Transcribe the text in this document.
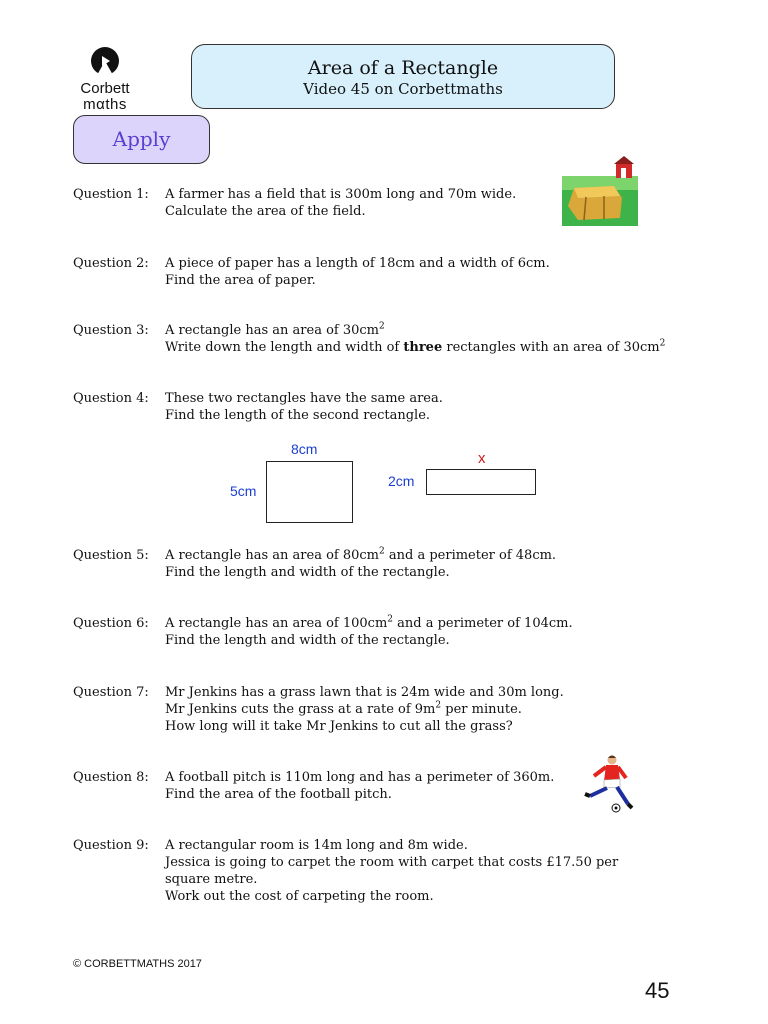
Corbett
mαths
Area of a Rectangle
Video 45 on Corbettmaths
Apply
Question 1:	A farmer has a field that is 300m long and 70m wide.
Calculate the area of the field.
Question 2:	A piece of paper has a length of 18cm and a width of 6cm.
Find the area of paper.
Question 3:	A rectangle has an area of $30cm^2$
Write down the length and width of three rectangles with an area of $30cm^2$
Question 4:	These two rectangles have the same area.
Find the length of the second rectangle.
8cm
5cm
2cm
x
Question 5:	A rectangle has an area of $80cm^2$ and a perimeter of 48cm.
Find the length and width of the rectangle.
Question 6:	A rectangle has an area of $100cm^2$ and a perimeter of 104cm.
Find the length and width of the rectangle.
Question 7:	Mr Jenkins has a grass lawn that is 24m wide and 30m long.
Mr Jenkins cuts the grass at a rate of $9m^2$ per minute.
How long will it take Mr Jenkins to cut all the grass?
Question 8:	A football pitch is 110m long and has a perimeter of 360m.
Find the area of the football pitch.
Question 9:	A rectangular room is 14m long and 8m wide.
Jessica is going to carpet the room with carpet that costs £17.50 per square metre.
Work out the cost of carpeting the room.
© CORBETTMATHS 2017
45
